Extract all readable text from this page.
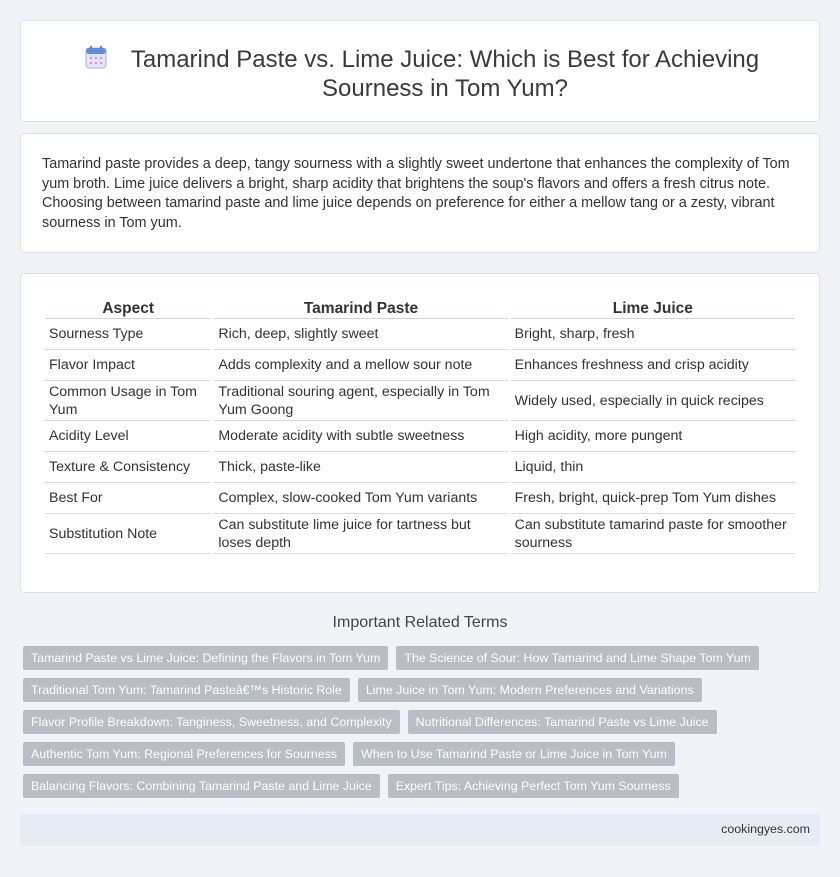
Tamarind Paste vs. Lime Juice: Which is Best for Achieving Sourness in Tom Yum?

Tamarind paste provides a deep, tangy sourness with a slightly sweet undertone that enhances the complexity of Tom yum broth. Lime juice delivers a bright, sharp acidity that brightens the soup's flavors and offers a fresh citrus note. Choosing between tamarind paste and lime juice depends on preference for either a mellow tang or a zesty, vibrant sourness in Tom yum.

Aspect	Tamarind Paste	Lime Juice
Sourness Type	Rich, deep, slightly sweet	Bright, sharp, fresh
Flavor Impact	Adds complexity and a mellow sour note	Enhances freshness and crisp acidity
Common Usage in Tom Yum	Traditional souring agent, especially in Tom Yum Goong	Widely used, especially in quick recipes
Acidity Level	Moderate acidity with subtle sweetness	High acidity, more pungent
Texture & Consistency	Thick, paste-like	Liquid, thin
Best For	Complex, slow-cooked Tom Yum variants	Fresh, bright, quick-prep Tom Yum dishes
Substitution Note	Can substitute lime juice for tartness but loses depth	Can substitute tamarind paste for smoother sourness
Important Related Terms
Tamarind Paste vs Lime Juice: Defining the Flavors in Tom Yum	The Science of Sour: How Tamarind and Lime Shape Tom Yum
Traditional Tom Yum: Tamarind Pasteâ€™s Historic Role	Lime Juice in Tom Yum: Modern Preferences and Variations
Flavor Profile Breakdown: Tanginess, Sweetness, and Complexity	Nutritional Differences: Tamarind Paste vs Lime Juice
Authentic Tom Yum: Regional Preferences for Sourness	When to Use Tamarind Paste or Lime Juice in Tom Yum
Balancing Flavors: Combining Tamarind Paste and Lime Juice	Expert Tips: Achieving Perfect Tom Yum Sourness
cookingyes.com
